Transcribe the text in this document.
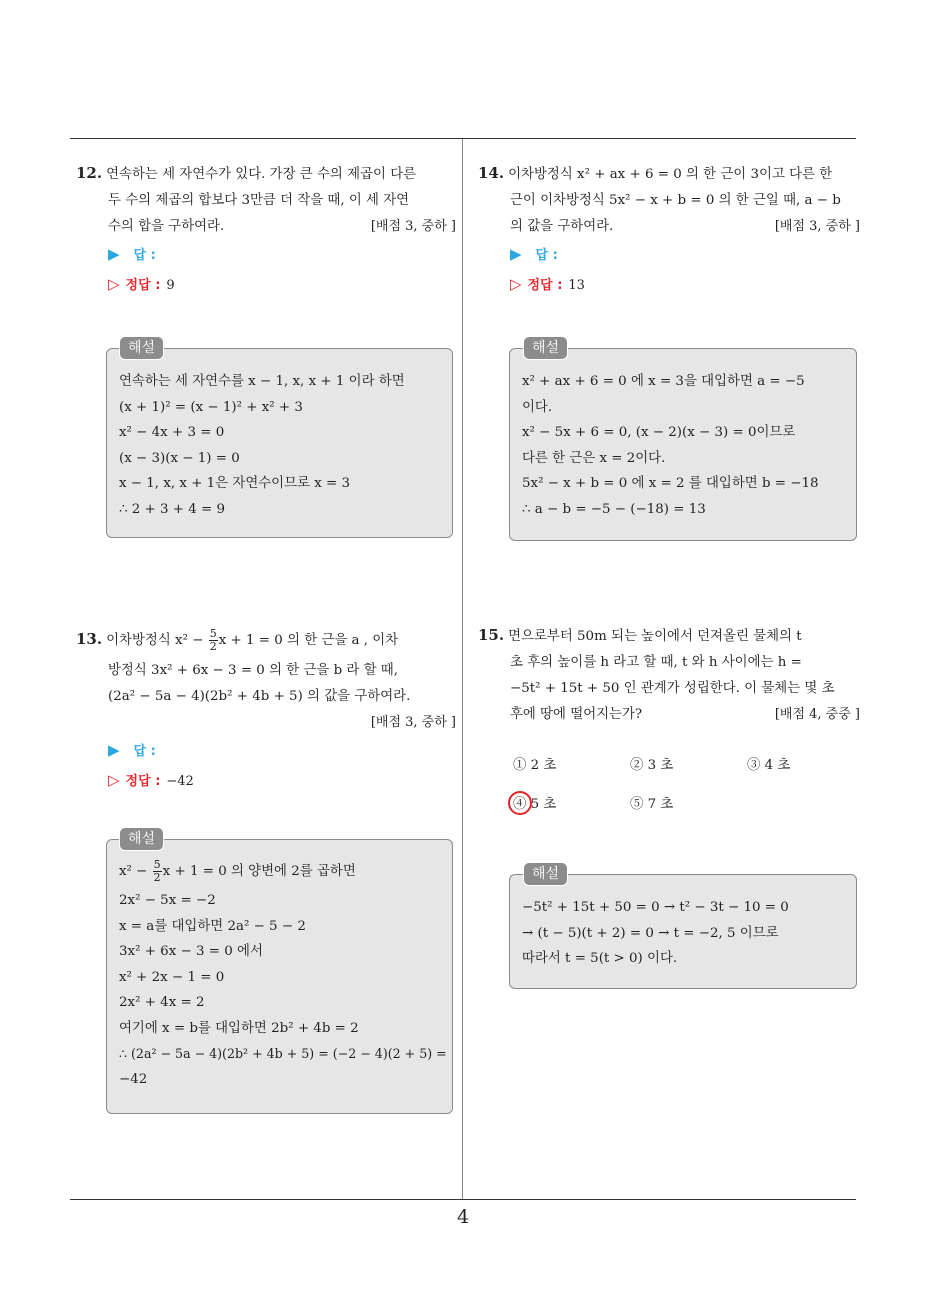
12. 연속하는 세 자연수가 있다. 가장 큰 수의 제곱이 다른

두 수의 제곱의 합보다 3만큼 더 작을 때, 이 세 자연

수의 합을 구하여라.	[배점 3, 중하 ]

▶ 답 :
▷ 정답 : 9
연속하는 세 자연수를 x − 1, x, x + 1 이라 하면
(x + 1)² = (x − 1)² + x² + 3
x² − 4x + 3 = 0
(x − 3)(x − 1) = 0
x − 1, x, x + 1은 자연수이므로 x = 3
∴ 2 + 3 + 4 = 9
해설

13. 이차방정식 $x^2 - \frac{5}{2}$ x + 1 = 0 의 한 근을 a , 이차

방정식 3x² + 6x − 3 = 0 의 한 근을 b 라 할 때,

(2a² − 5a − 4)(2b² + 4b + 5) 의 값을 구하여라.

[배점 3, 중하 ]

▶ 답 :
▷ 정답 : −42
$x^2 - \frac{5}{2}$ x + 1 = 0 의 양변에 2를 곱하면
2x² − 5x = −2
x = a를 대입하면 2a² − 5 − 2
3x² + 6x − 3 = 0 에서
x² + 2x − 1 = 0
2x² + 4x = 2
여기에 x = b를 대입하면 2b² + 4b = 2
∴ (2a² − 5a − 4)(2b² + 4b + 5) = (−2 − 4)(2 + 5) =
−42
해설

14. 이차방정식 x² + ax + 6 = 0 의 한 근이 3이고 다른 한

근이 이차방정식 5x² − x + b = 0 의 한 근일 때, a − b

의 값을 구하여라.	[배점 3, 중하 ]

▶ 답 :
▷ 정답 : 13
x² + ax + 6 = 0 에 x = 3을 대입하면 a = −5
이다.
x² − 5x + 6 = 0, (x − 2)(x − 3) = 0이므로
다른 한 근은 x = 2이다.
5x² − x + b = 0 에 x = 2 를 대입하면 b = −18
∴ a − b = −5 − (−18) = 13
해설

15. 면으로부터 50m 되는 높이에서 던져올린 물체의 t

초 후의 높이를 h 라고 할 때, t 와 h 사이에는 h =

−5t² + 15t + 50 인 관계가 성립한다. 이 물체는 몇 초

후에 땅에 떨어지는가?	[배점 4, 중중 ]

① 2 초	② 3 초	③ 4 초
④ 5 초	⑤ 7 초
−5t² + 15t + 50 = 0 → t² − 3t − 10 = 0
→ (t − 5)(t + 2) = 0 → t = −2, 5 이므로
따라서 t = 5(t > 0) 이다.
해설
4
